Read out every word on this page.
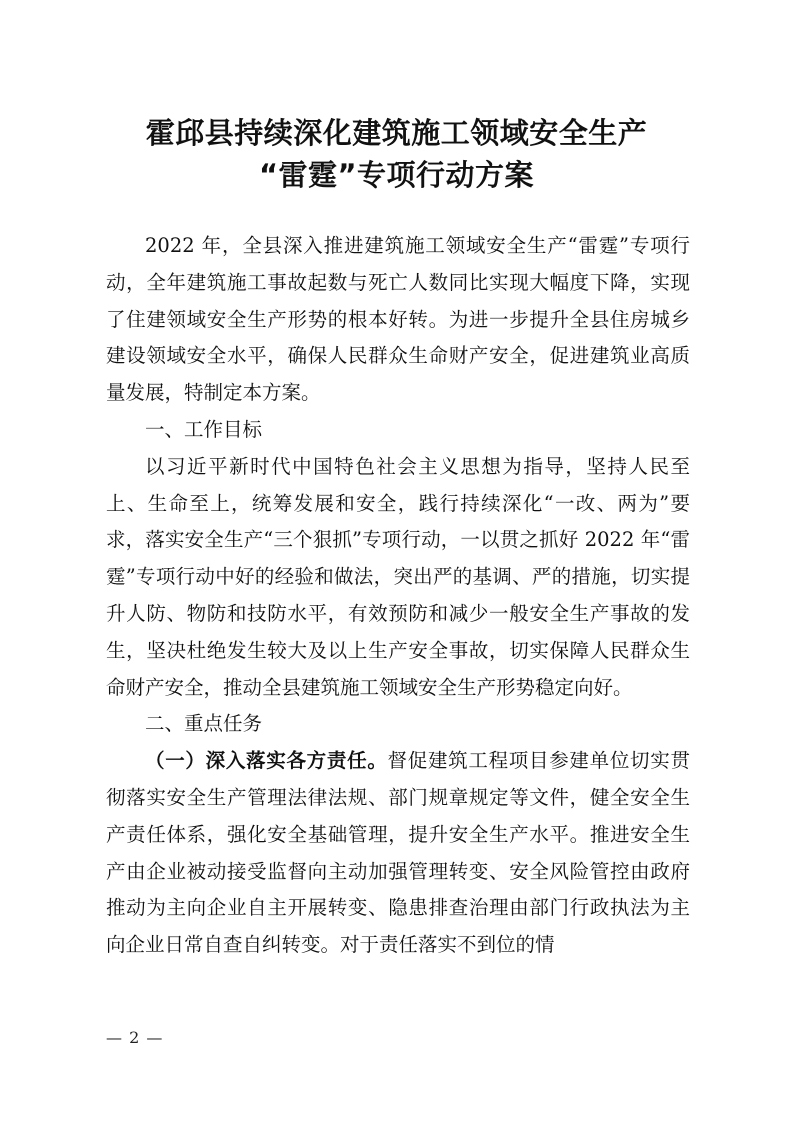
霍邱县持续深化建筑施工领域安全生产
“雷霆”专项行动方案

2022 年，全县深入推进建筑施工领域安全生产“雷霆”专项行动，全年建筑施工事故起数与死亡人数同比实现大幅度下降，实现了住建领域安全生产形势的根本好转。为进一步提升全县住房城乡建设领域安全水平，确保人民群众生命财产安全，促进建筑业高质量发展，特制定本方案。

一、工作目标

以习近平新时代中国特色社会主义思想为指导，坚持人民至上、生命至上，统筹发展和安全，践行持续深化“一改、两为”要求，落实安全生产“三个狠抓”专项行动，一以贯之抓好 2022 年“雷霆”专项行动中好的经验和做法，突出严的基调、严的措施，切实提升人防、物防和技防水平，有效预防和减少一般安全生产事故的发生，坚决杜绝发生较大及以上生产安全事故，切实保障人民群众生命财产安全，推动全县建筑施工领域安全生产形势稳定向好。

二、重点任务

（一）深入落实各方责任。督促建筑工程项目参建单位切实贯彻落实安全生产管理法律法规、部门规章规定等文件，健全安全生产责任体系，强化安全基础管理，提升安全生产水平。推进安全生产由企业被动接受监督向主动加强管理转变、安全风险管控由政府推动为主向企业自主开展转变、隐患排查治理由部门行政执法为主向企业日常自查自纠转变。对于责任落实不到位的情

— 2 —
